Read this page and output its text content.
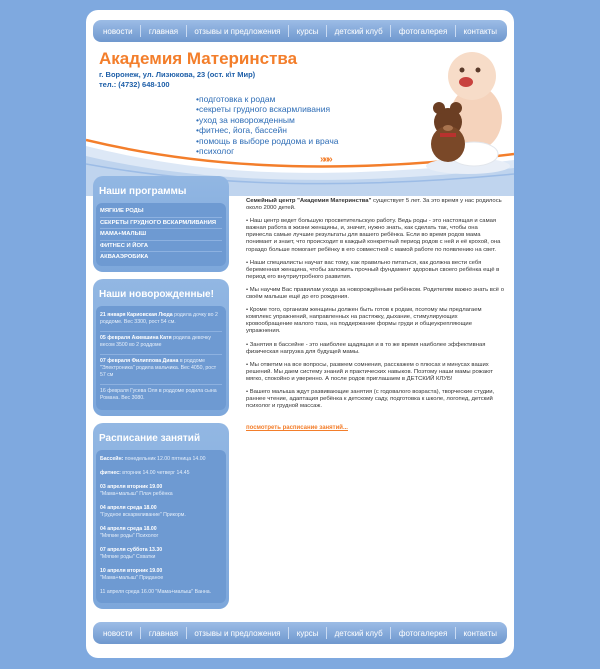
новости главная отзывы и предложения курсы детский клуб фотогалерея контакты
Академия Материнства
г. Воронеж, ул. Лизюкова, 23 (ост. к\т Мир)
тел.: (4732) 648-100
• подготовка к родам
• секреты грудного вскармливания
• уход за новорожденным
• фитнес, йога, бассейн
• помощь в выборе роддома и врача
• психолог
»»»
Наши программы
МЯГКИЕ РОДЫ
СЕКРЕТЫ ГРУДНОГО ВСКАРМЛИВАНИЯ
МАМА+МАЛЫШ
ФИТНЕС И ЙОГА
АКВААЭРОБИКА
Наши новорожденные!
21 января Кариовская Люда родила дочку во 2 роддоме. Вес 3300, рост 54 см.
05 февраля Акимшина Катя родила девочку весом 3500 во 2 роддоме
07 февраля Филиппова Диана в роддоме "Электроника" родила мальчика. Вес 4050, рост 57 см
16 февраля Гусева Оля в роддоме родила сына Романа. Вес 3080.
Расписание занятий
Бассейн: понедельник 12.00 пятница 14.00
фитнес: вторник 14.00 четверг 14.45
03 апреля вторник 19.00
"Мама+малыш" Плач ребёнка
04 апреля среда 18.00
"Грудное вскармливание" Прикорм.
04 апреля среда 18.00
"Мягкие роды" Психолог
07 апреля суббота 13.30
"Мягкие роды" Схватки
10 апреля вторник 19.00
"Мама+малыш" Приданое
11 апреля среда 16.00 "Мама+малыш" Ванна.

Семейный центр "Академия Материнства" существует 5 лет. За это время у нас родилось около 2000 детей.

• Наш центр ведет большую просветительскую работу. Ведь роды - это настоящая и самая важная работа в жизни женщины, и, значит, нужно знать, как сделать так, чтобы она принесла самые лучшие результаты для вашего ребёнка. Если во время родов мама понимает и знает, что происходит в каждый конкретный период родов с ней и её крохой, она гораздо больше помогает ребёнку в его совместной с мамой работе по появлению на свет.

• Наши специалисты научат вас тому, как правильно питаться, как должна вести себя беременная женщина, чтобы заложить прочный фундамент здоровья своего ребёнка ещё в период его внутриутробного развития.

• Мы научим Вас правилам ухода за новорождённым ребёнком. Родителям важно знать всё о своём малыше ещё до его рождения.

• Кроме того, организм женщины должен быть готов к родам, поэтому мы предлагаем комплекс упражнений, направленных на растяжку, дыхание, стимулирующих кровообращение малого таза, на поддержание формы груди и общеукрепляющие упражнения.

• Занятия в бассейне - это наиболее щадящая и в то же время наиболее эффективная физическая нагрузка для будущей мамы.

• Мы ответим на все вопросы, развеем сомнения, расскажем о плюсах и минусах ваших решений. Мы даем систему знаний и практических навыков. Поэтому наши мамы рожают мягко, спокойно и уверенно. А после родов приглашаем в ДЕТСКИЙ КЛУБ!

• Вашего малыша ждут развивающие занятия (с годовалого возраста), творческие студии, раннее чтение, адаптация ребёнка к детскому саду, подготовка к школе, логопед, детский психолог и грудной массаж.

посмотреть расписание занятий...
новости главная отзывы и предложения курсы детский клуб фотогалерея контакты
